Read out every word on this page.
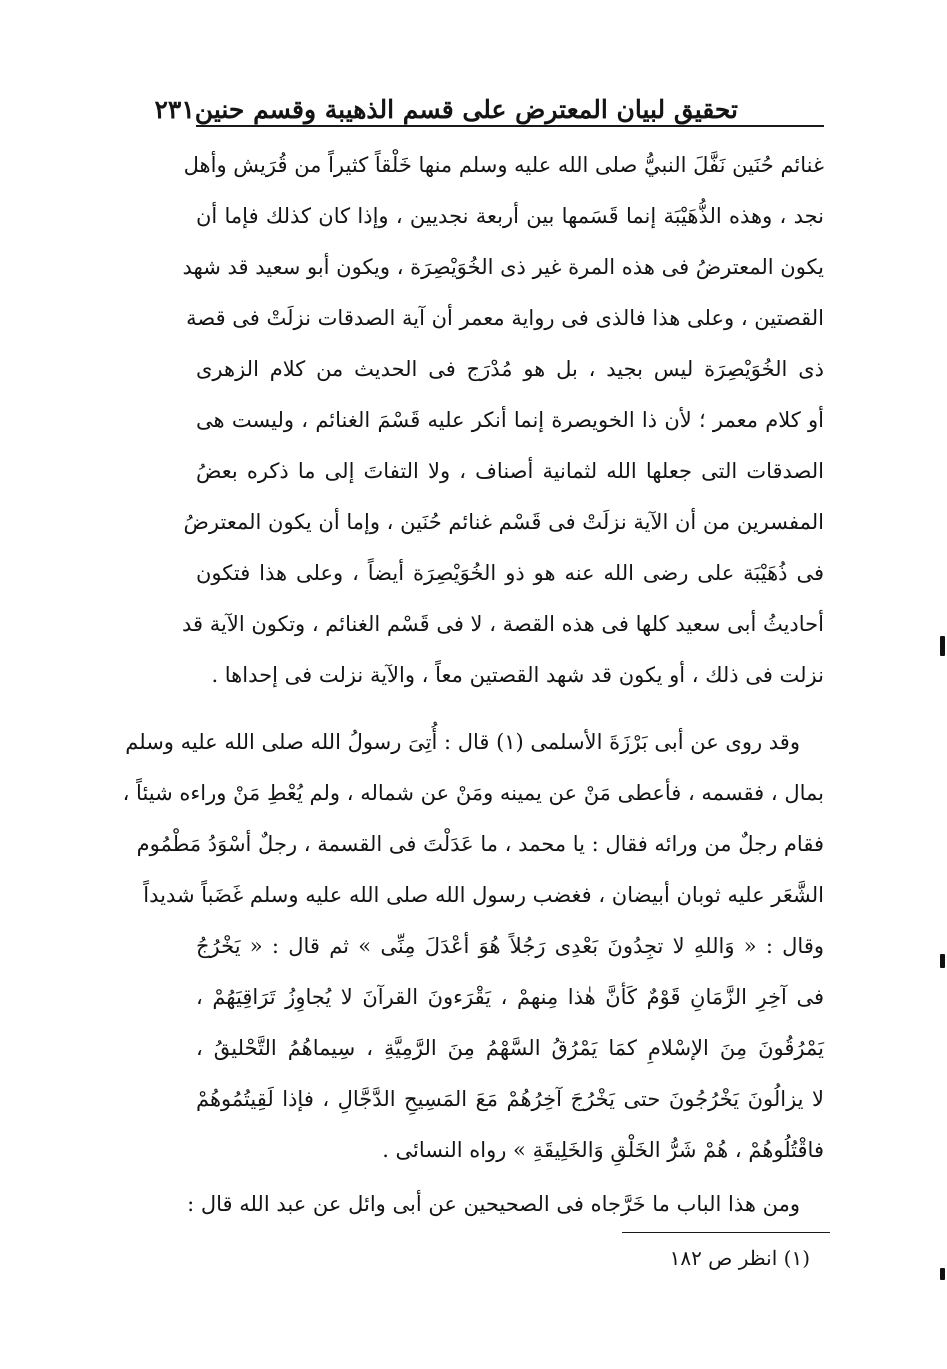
تحقيق لبيان المعترض على قسم الذهيبة وقسم حنين
٢٣١
غنائم حُنَين نَفَّلَ النبيُّ صلى الله عليه وسلم منها خَلْقاً كثيراً من قُرَيش وأهل
نجد ، وهذه الذُّهَيْبَة إنما قَسَمها بين أربعة نجديين ، وإذا كان كذلك فإما أن
يكون المعترضُ فى هذه المرة غير ذى الخُوَيْصِرَة ، ويكون أبو سعيد قد شهد
القصتين ، وعلى هذا فالذى فى رواية معمر أن آية الصدقات نزلَتْ فى قصة
ذى الخُوَيْصِرَة ليس بجيد ، بل هو مُدْرَج فى الحديث من كلام الزهرى
أو كلام معمر ؛ لأن ذا الخويصرة إنما أنكر عليه قَسْمَ الغنائم ، وليست هى
الصدقات التى جعلها الله لثمانية أصناف ، ولا التفاتَ إلى ما ذكره بعضُ
المفسرين من أن الآية نزلَتْ فى قَسْم غنائم حُنَين ، وإما أن يكون المعترضُ
فى ذُهَيْبَة على رضى الله عنه هو ذو الخُوَيْصِرَة أيضاً ، وعلى هذا فتكون
أحاديثُ أبى سعيد كلها فى هذه القصة ، لا فى قَسْم الغنائم ، وتكون الآية قد
نزلت فى ذلك ، أو يكون قد شهد القصتين معاً ، والآية نزلت فى إحداها .
وقد روى عن أبى بَرْزَةَ الأسلمى (١) قال : أُتِىَ رسولُ الله صلى الله عليه وسلم
بمال ، فقسمه ، فأعطى مَنْ عن يمينه ومَنْ عن شماله ، ولم يُعْطِ مَنْ وراءه شيئاً ،
فقام رجلٌ من ورائه فقال : يا محمد ، ما عَدَلْتَ فى القسمة ، رجلٌ أسْوَدُ مَطْمُوم
الشَّعَر عليه ثوبان أبيضان ، فغضب رسول الله صلى الله عليه وسلم غَضَباً شديداً
وقال : « وَاللهِ لا تجِدُونَ بَعْدِى رَجُلاً هُوَ أعْدَلَ مِنِّى » ثم قال : « يَخْرُجُ
فى آخِرِ الزَّمَانِ قَوْمٌ كَأنَّ هٰذا مِنهمْ ، يَقْرَءونَ القرآنَ لا يُجاوِزُ تَرَاقِيَهُمْ ،
يَمْرُقُونَ مِنَ الإسْلامِ كمَا يَمْرُقُ السَّهْمُ مِنَ الرَّمِيَّةِ ، سِيماهُمُ التَّحْليقُ ،
لا يزالُونَ يَخْرُجُونَ حتى يَخْرُجَ آخِرُهُمْ مَعَ المَسِيحِ الدَّجَّالِ ، فإذا لَقِيتُمُوهُمْ
فاقْتُلُوهُمْ ، هُمْ شَرُّ الخَلْقِ وَالخَلِيقَةِ » رواه النسائى .
ومن هذا الباب ما خَرَّجاه فى الصحيحين عن أبى وائل عن عبد الله قال :
(١) انظر ص ١٨٢
